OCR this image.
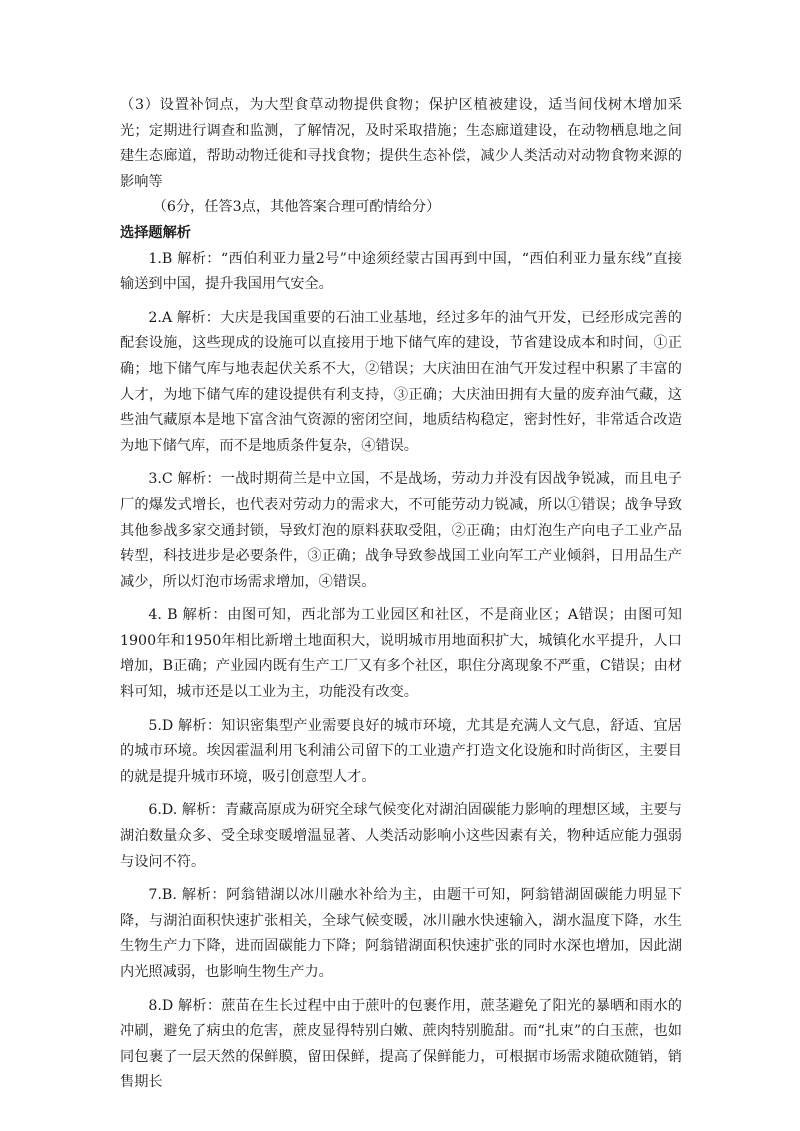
（3）设置补饲点，为大型食草动物提供食物；保护区植被建设，适当间伐树木增加采光；定期进行调查和监测，了解情况，及时采取措施；生态廊道建设，在动物栖息地之间建生态廊道，帮助动物迁徙和寻找食物；提供生态补偿，减少人类活动对动物食物来源的影响等

（6分，任答3点，其他答案合理可酌情给分）

选择题解析

1.B 解析：“西伯利亚力量2号”中途须经蒙古国再到中国，“西伯利亚力量东线”直接输送到中国，提升我国用气安全。

2.A 解析：大庆是我国重要的石油工业基地，经过多年的油气开发，已经形成完善的配套设施，这些现成的设施可以直接用于地下储气库的建设，节省建设成本和时间，①正确；地下储气库与地表起伏关系不大，②错误；大庆油田在油气开发过程中积累了丰富的人才，为地下储气库的建设提供有利支持，③正确；大庆油田拥有大量的废弃油气藏，这些油气藏原本是地下富含油气资源的密闭空间，地质结构稳定，密封性好，非常适合改造为地下储气库，而不是地质条件复杂，④错误。

3.C 解析：一战时期荷兰是中立国，不是战场，劳动力并没有因战争锐减，而且电子厂的爆发式增长，也代表对劳动力的需求大，不可能劳动力锐减，所以①错误；战争导致其他参战多家交通封锁，导致灯泡的原料获取受阻，②正确；由灯泡生产向电子工业产品转型，科技进步是必要条件，③正确；战争导致参战国工业向军工产业倾斜，日用品生产减少，所以灯泡市场需求增加，④错误。

4. B 解析：由图可知，西北部为工业园区和社区，不是商业区；A错误；由图可知1900年和1950年相比新增土地面积大，说明城市用地面积扩大，城镇化水平提升，人口增加，B正确；产业园内既有生产工厂又有多个社区，职住分离现象不严重，C错误；由材料可知，城市还是以工业为主，功能没有改变。

5.D 解析：知识密集型产业需要良好的城市环境，尤其是充满人文气息，舒适、宜居的城市环境。埃因霍温利用飞利浦公司留下的工业遗产打造文化设施和时尚街区，主要目的就是提升城市环境，吸引创意型人才。

6.D. 解析：青藏高原成为研究全球气候变化对湖泊固碳能力影响的理想区域，主要与湖泊数量众多、受全球变暖增温显著、人类活动影响小这些因素有关，物种适应能力强弱与设问不符。

7.B. 解析：阿翁错湖以冰川融水补给为主，由题干可知，阿翁错湖固碳能力明显下降，与湖泊面积快速扩张相关，全球气候变暖，冰川融水快速输入，湖水温度下降，水生生物生产力下降，进而固碳能力下降；阿翁错湖面积快速扩张的同时水深也增加，因此湖内光照减弱，也影响生物生产力。

8.D 解析：蔗苗在生长过程中由于蔗叶的包裹作用，蔗茎避免了阳光的暴晒和雨水的冲刷，避免了病虫的危害，蔗皮显得特别白嫩、蔗肉特别脆甜。而“扎束”的白玉蔗，也如同包裹了一层天然的保鲜膜，留田保鲜，提高了保鲜能力，可根据市场需求随砍随销，销售期长
